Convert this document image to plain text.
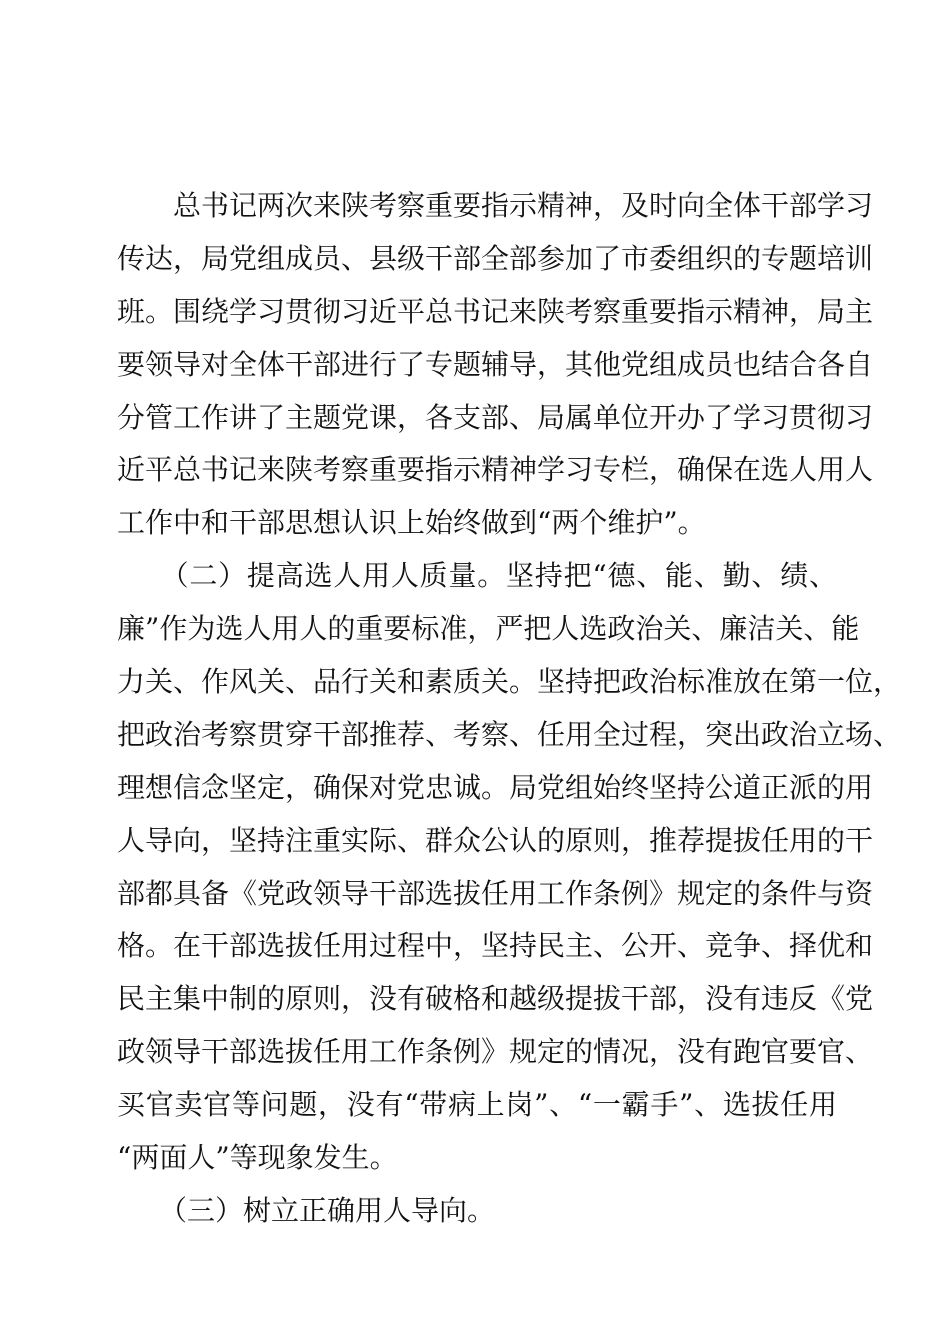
　　总书记两次来陕考察重要指示精神，及时向全体干部学习
传达，局党组成员、县级干部全部参加了市委组织的专题培训
班。围绕学习贯彻习近平总书记来陕考察重要指示精神，局主
要领导对全体干部进行了专题辅导，其他党组成员也结合各自
分管工作讲了主题党课，各支部、局属单位开办了学习贯彻习
近平总书记来陕考察重要指示精神学习专栏，确保在选人用人
工作中和干部思想认识上始终做到“两个维护”。
　　（二）提高选人用人质量。坚持把“德、能、勤、绩、
廉”作为选人用人的重要标准，严把人选政治关、廉洁关、能
力关、作风关、品行关和素质关。坚持把政治标准放在第一位，
把政治考察贯穿干部推荐、考察、任用全过程，突出政治立场、
理想信念坚定，确保对党忠诚。局党组始终坚持公道正派的用
人导向，坚持注重实际、群众公认的原则，推荐提拔任用的干
部都具备《党政领导干部选拔任用工作条例》规定的条件与资
格。在干部选拔任用过程中，坚持民主、公开、竞争、择优和
民主集中制的原则，没有破格和越级提拔干部，没有违反《党
政领导干部选拔任用工作条例》规定的情况，没有跑官要官、
买官卖官等问题，没有“带病上岗”、“一霸手”、选拔任用
“两面人”等现象发生。
　　（三）树立正确用人导向。
